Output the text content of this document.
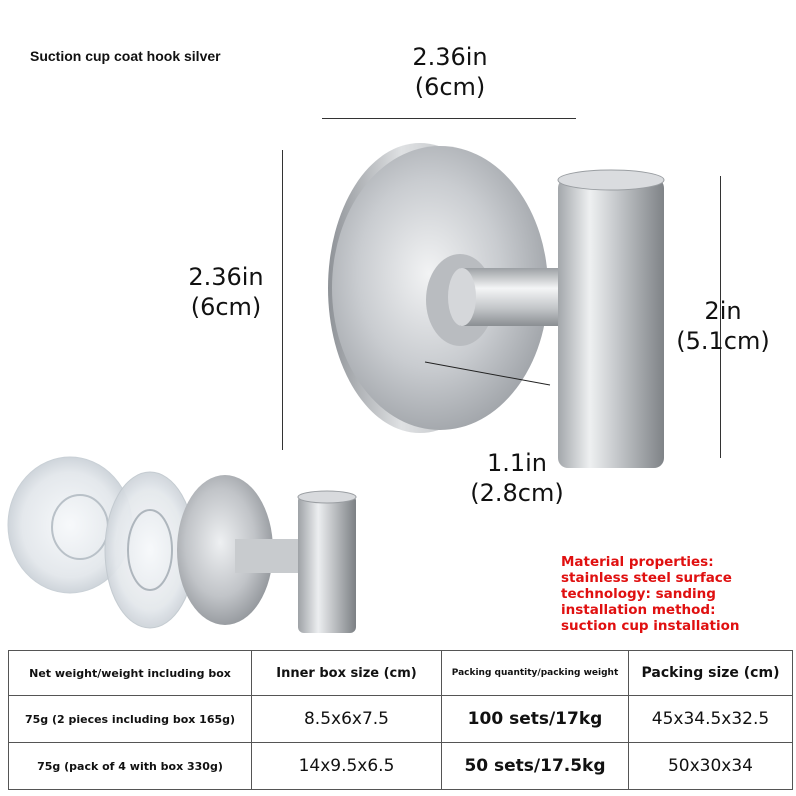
Suction cup coat hook silver	2.36in
(6cm)
2.36in
(6cm)	2in
(5.1cm)
1.1in
(2.8cm)
Material properties:
stainless steel surface
technology: sanding
installation method:
suction cup installation
Net weight/weight including box	Inner box size (cm)	Packing quantity/packing weight	Packing size (cm)
75g (2 pieces including box 165g)	8.5x6x7.5	100 sets/17kg	45x34.5x32.5
75g (pack of 4 with box 330g)	14x9.5x6.5	50 sets/17.5kg	50x30x34
